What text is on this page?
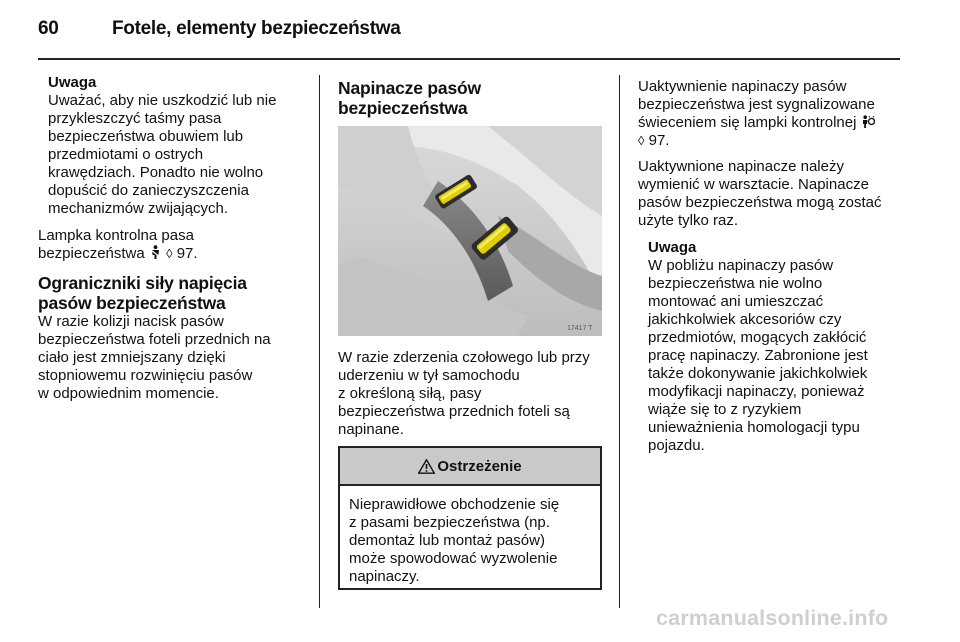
60	Fotele, elementy bezpieczeństwa

Uwaga

Uważać, aby nie uszkodzić lub nie

przykleszczyć taśmy pasa

bezpieczeństwa obuwiem lub

przedmiotami o ostrych

krawędziach. Ponadto nie wolno

dopuścić do zanieczyszczenia

mechanizmów zwijających.

Lampka kontrolna pasa

bezpieczeństwa ◊ 97.

Ograniczniki siły napięcia

pasów bezpieczeństwa

W razie kolizji nacisk pasów

bezpieczeństwa foteli przednich na

ciało jest zmniejszany dzięki

stopniowemu rozwinięciu pasów

w odpowiednim momencie.

Napinacze pasów

bezpieczeństwa

17417 T

W razie zderzenia czołowego lub przy

uderzeniu w tył samochodu

z określoną siłą, pasy

bezpieczeństwa przednich foteli są

napinane.

Ostrzeżenie

Nieprawidłowe obchodzenie się

z pasami bezpieczeństwa (np.

demontaż lub montaż pasów)

może spowodować wyzwolenie

napinaczy.

Uaktywnienie napinaczy pasów

bezpieczeństwa jest sygnalizowane

świeceniem się lampki kontrolnej

◊ 97.

Uaktywnione napinacze należy

wymienić w warsztacie. Napinacze

pasów bezpieczeństwa mogą zostać

użyte tylko raz.

Uwaga

W pobliżu napinaczy pasów

bezpieczeństwa nie wolno

montować ani umieszczać

jakichkolwiek akcesoriów czy

przedmiotów, mogących zakłócić

pracę napinaczy. Zabronione jest

także dokonywanie jakichkolwiek

modyfikacji napinaczy, ponieważ

wiąże się to z ryzykiem

unieważnienia homologacji typu

pojazdu.

carmanualsonline.info
